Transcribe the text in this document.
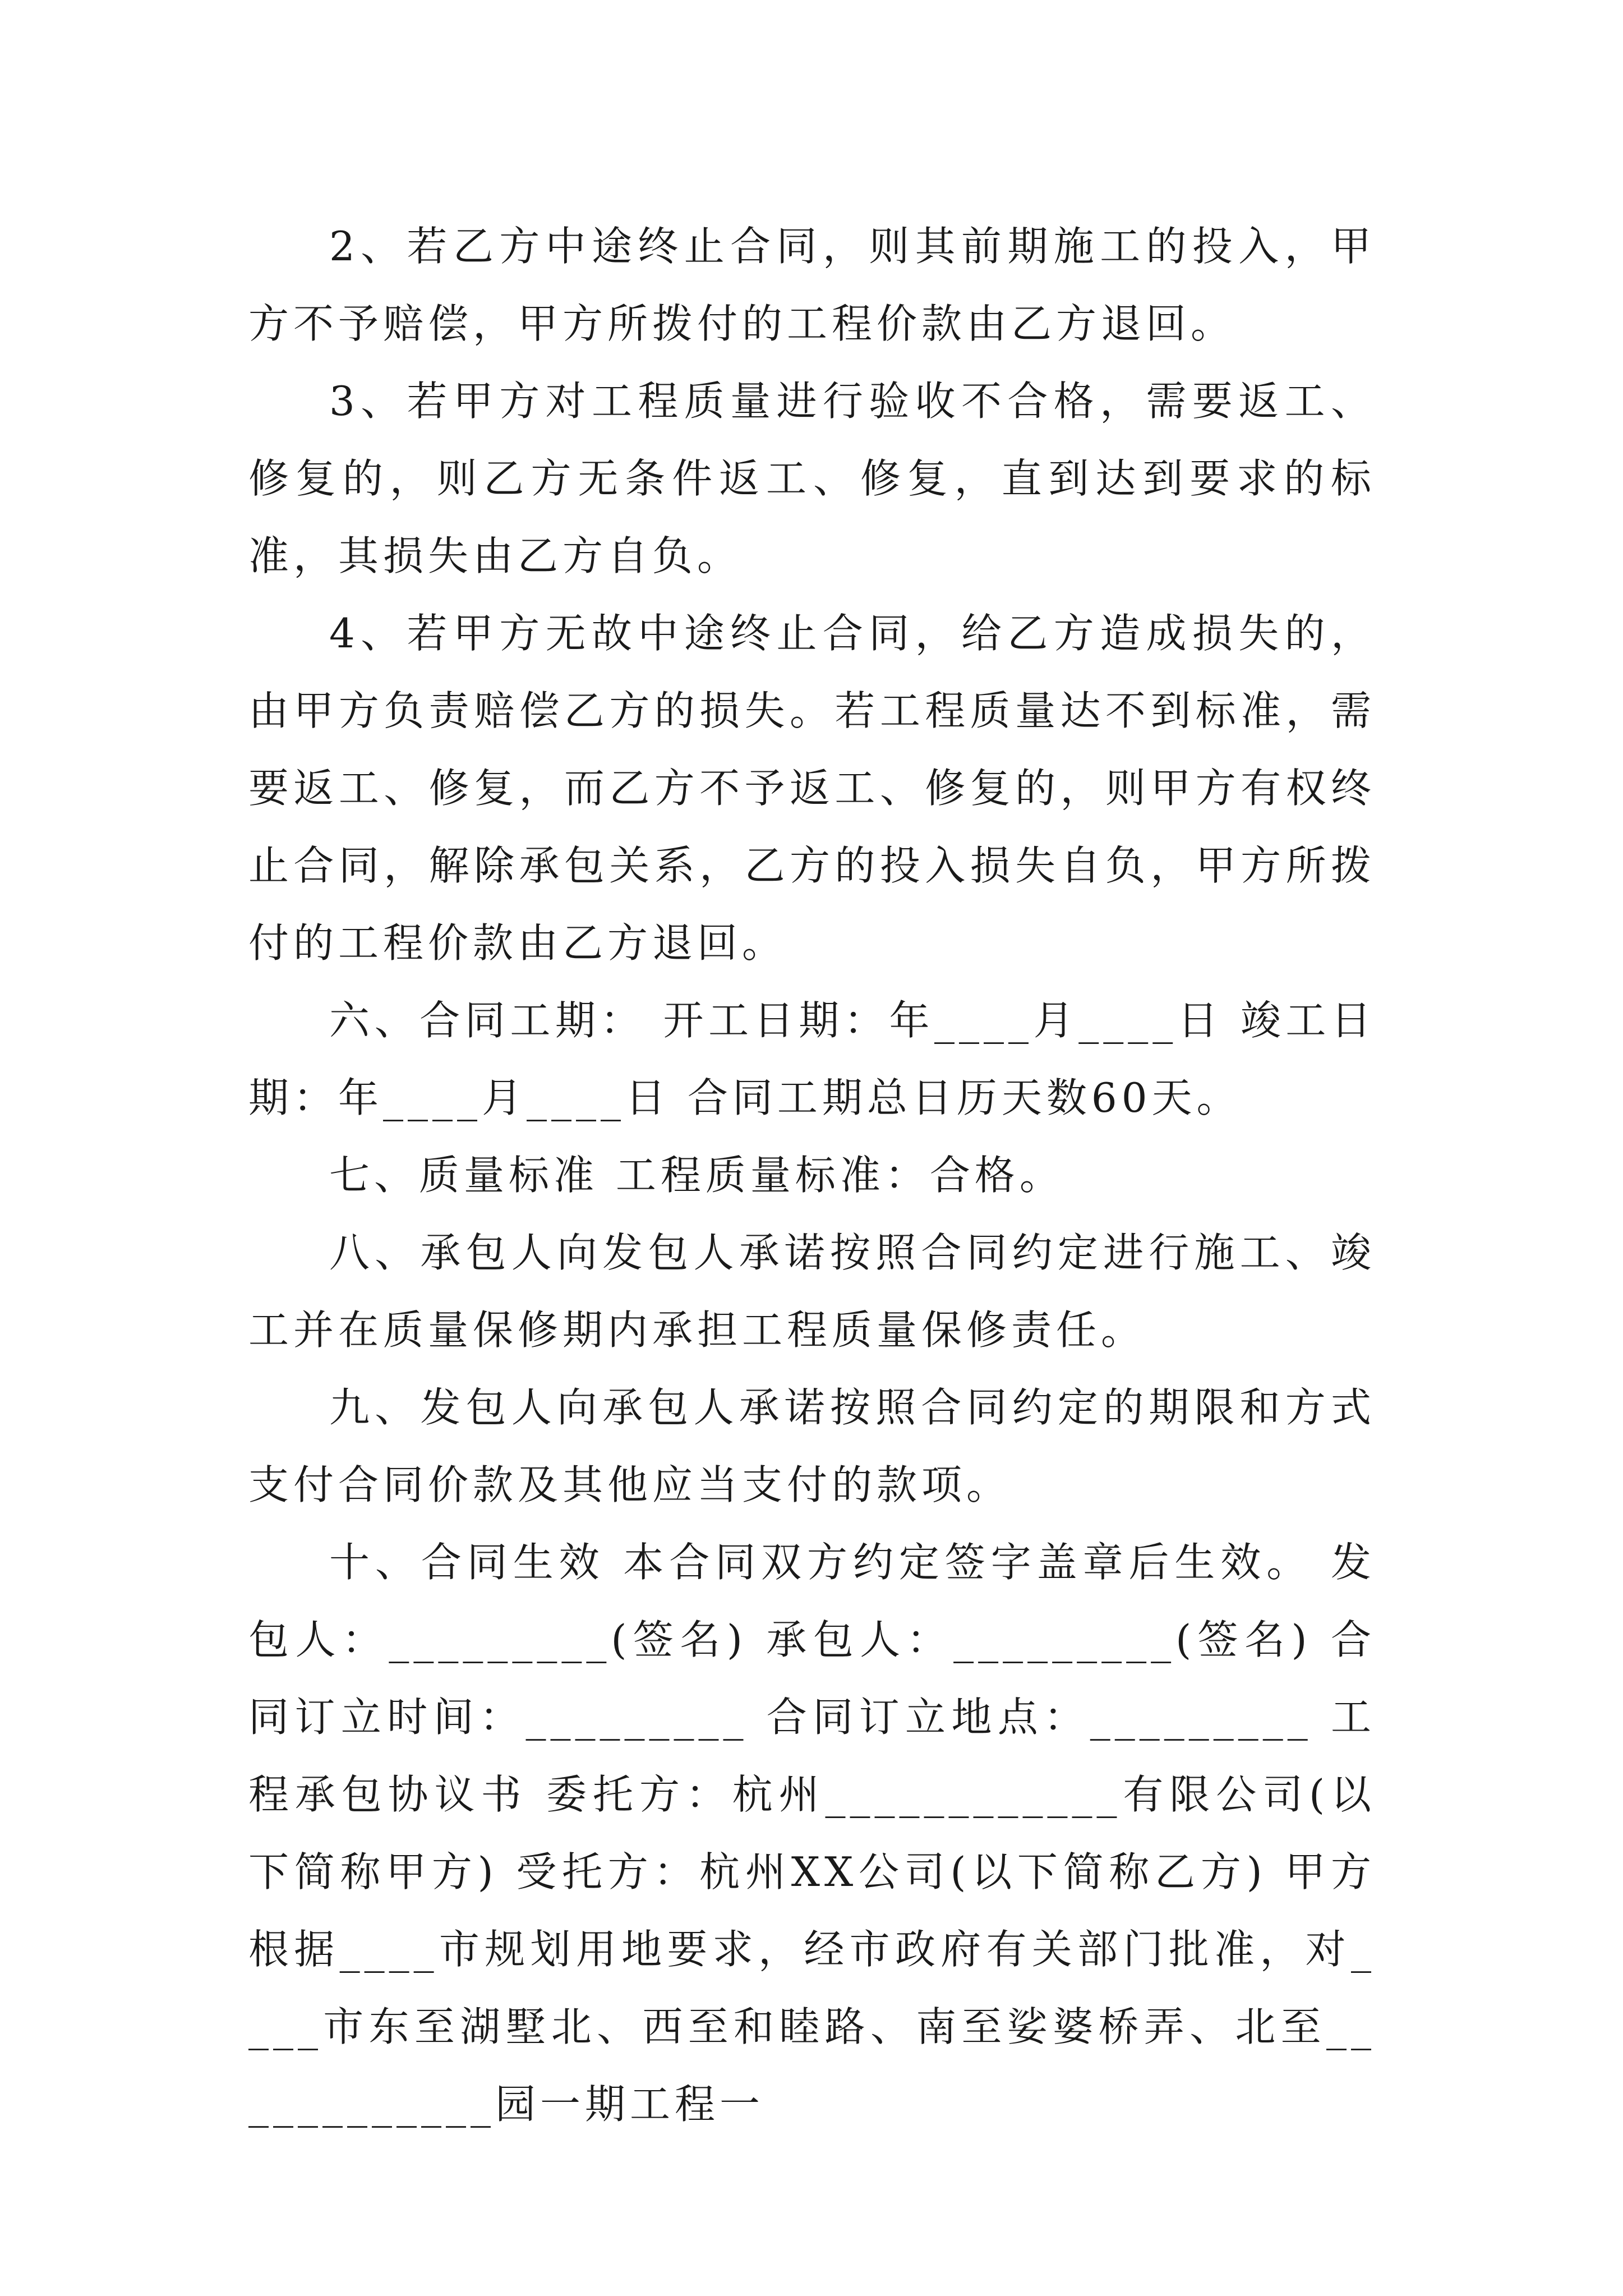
2、若乙方中途终止合同，则其前期施工的投入，甲方不予赔偿，甲方所拨付的工程价款由乙方退回。

3、若甲方对工程质量进行验收不合格，需要返工、修复的，则乙方无条件返工、修复，直到达到要求的标准，其损失由乙方自负。

4、若甲方无故中途终止合同，给乙方造成损失的，由甲方负责赔偿乙方的损失。若工程质量达不到标准，需要返工、修复，而乙方不予返工、修复的，则甲方有权终止合同，解除承包关系，乙方的投入损失自负，甲方所拨付的工程价款由乙方退回。

六、合同工期： 开工日期：年____月____日 竣工日期：年____月____日 合同工期总日历天数60天。

七、质量标准 工程质量标准：合格。

八、承包人向发包人承诺按照合同约定进行施工、竣工并在质量保修期内承担工程质量保修责任。

九、发包人向承包人承诺按照合同约定的期限和方式支付合同价款及其他应当支付的款项。

十、合同生效 本合同双方约定签字盖章后生效。 发包人：_________(签名) 承包人：_________(签名) 合同订立时间：_________ 合同订立地点：_________ 工程承包协议书 委托方：杭州____________有限公司(以下简称甲方) 受托方：杭州XX公司(以下简称乙方) 甲方根据____市规划用地要求，经市政府有关部门批准，对____市东至湖墅北、西至和睦路、南至娑婆桥弄、北至____________园一期工程一
